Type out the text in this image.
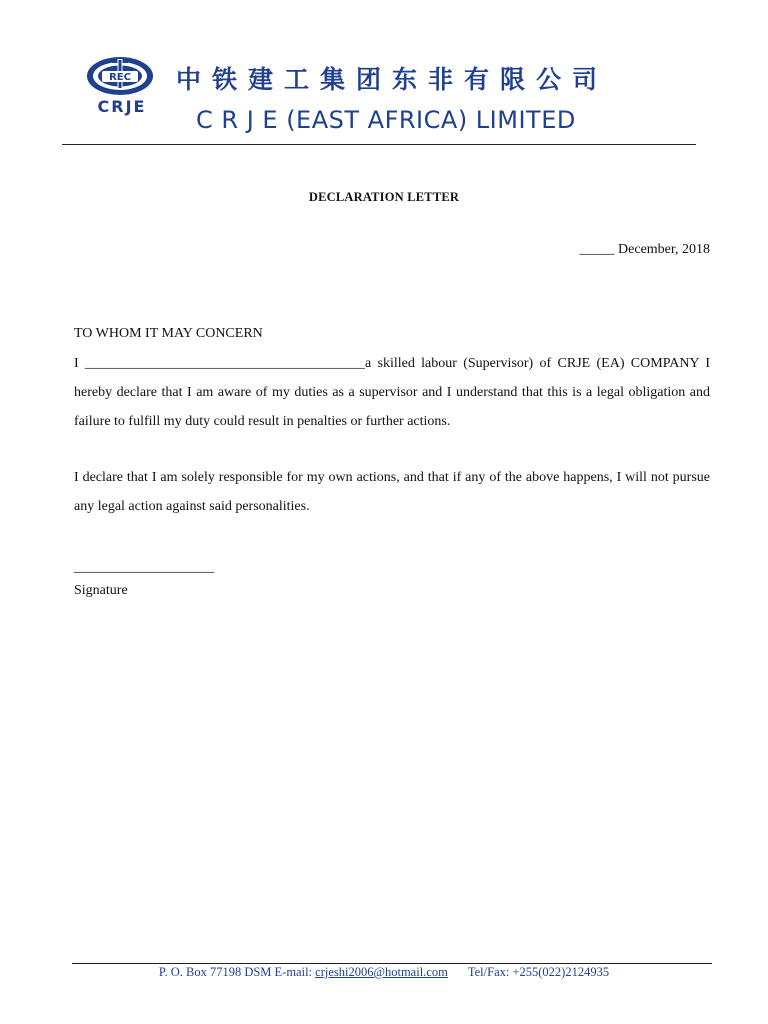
REC
CRJE
中铁建工集团东非有限公司
C R J E (EAST AFRICA) LIMITED
DECLARATION LETTER
_____ December, 2018
TO WHOM IT MAY CONCERN

I ________________________________________a skilled labour (Supervisor) of CRJE (EA) COMPANY I hereby declare that I am aware of my duties as a supervisor and I understand that this is a legal obligation and failure to fulfill my duty could result in penalties or further actions.

I declare that I am solely responsible for my own actions, and that if any of the above happens, I will not pursue any legal action against said personalities.

____________________
Signature
P. O. Box 77198 DSM E-mail: crjeshi2006@hotmail.com Tel/Fax: +255(022)2124935
